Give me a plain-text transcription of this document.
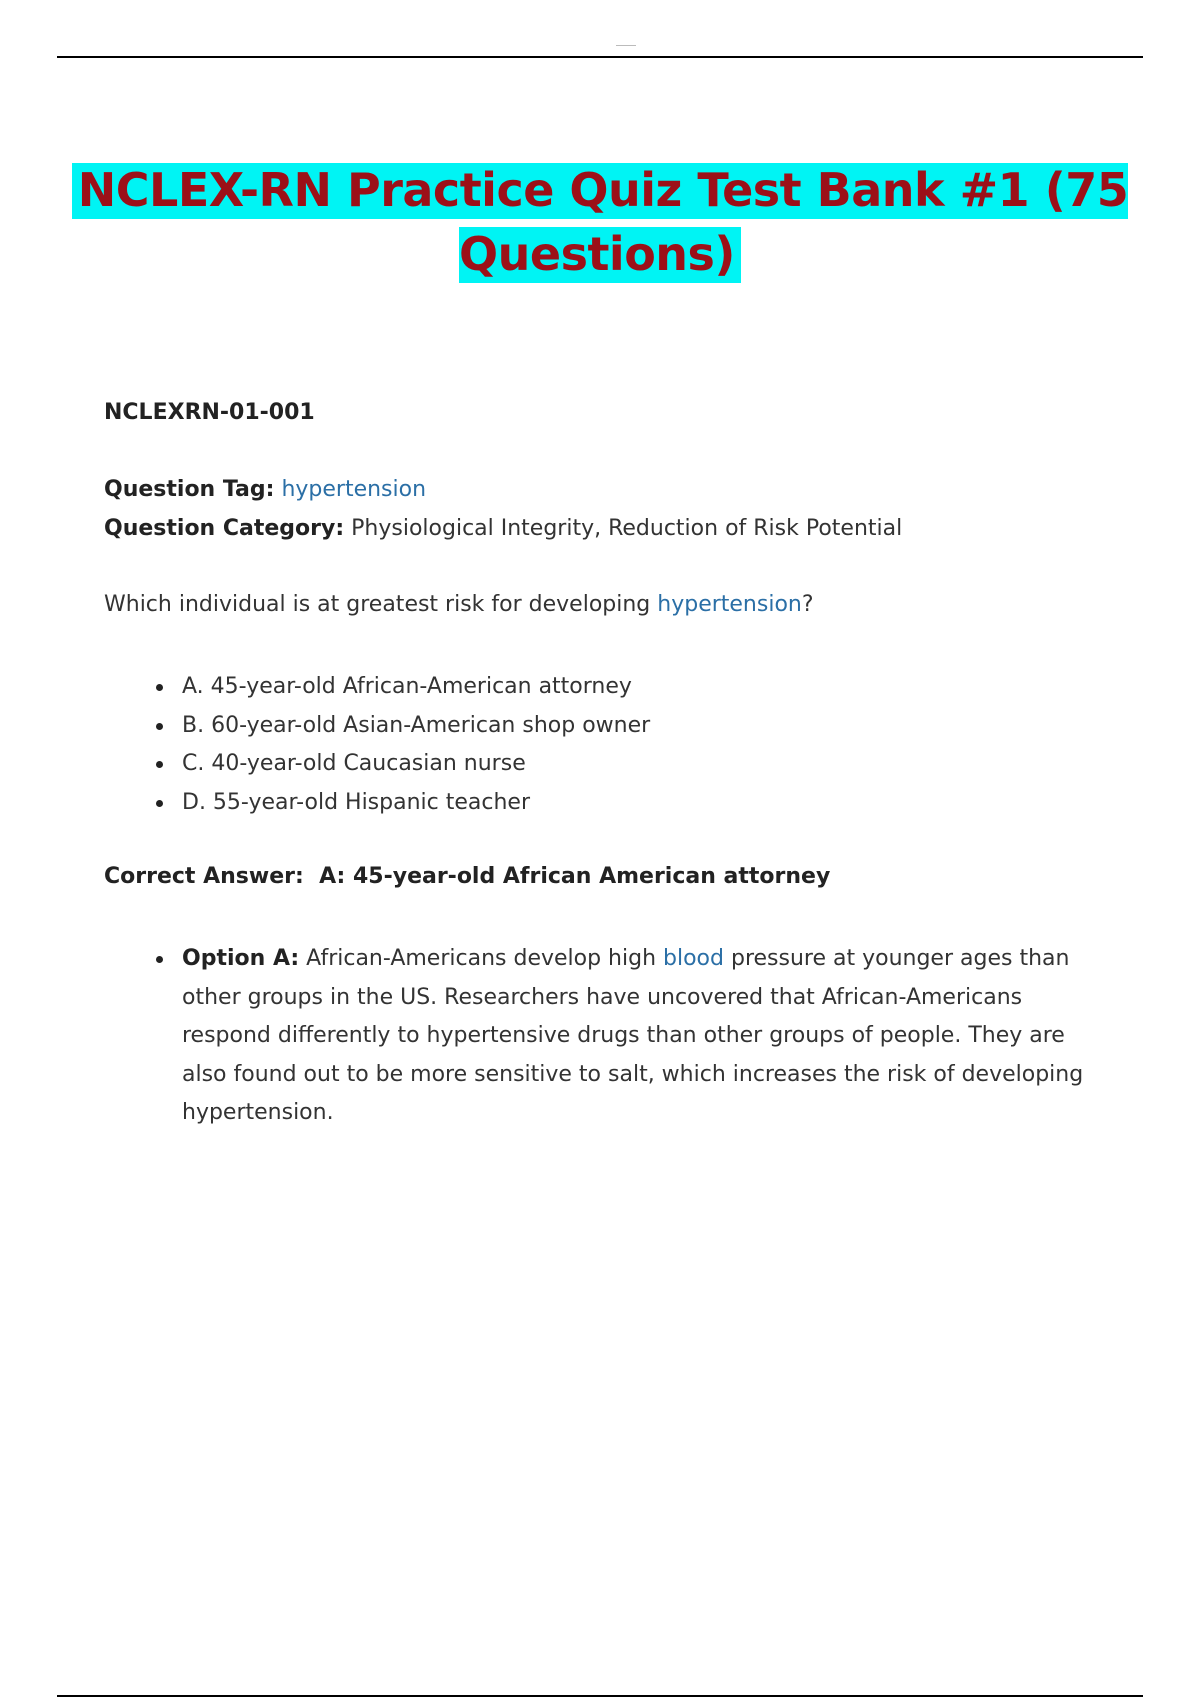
NCLEX-RN Practice Quiz Test Bank #1 (75 Questions)
NCLEXRN-01-001
Question Tag: hypertension
Question Category: Physiological Integrity, Reduction of Risk Potential
Which individual is at greatest risk for developing hypertension?
A. 45-year-old African-American attorney
B. 60-year-old Asian-American shop owner
C. 40-year-old Caucasian nurse
D. 55-year-old Hispanic teacher
Correct Answer:  A: 45-year-old African American attorney
Option A: African-Americans develop high blood pressure at younger ages than other groups in the US. Researchers have uncovered that African-Americans respond differently to hypertensive drugs than other groups of people. They are also found out to be more sensitive to salt, which increases the risk of developing hypertension.
